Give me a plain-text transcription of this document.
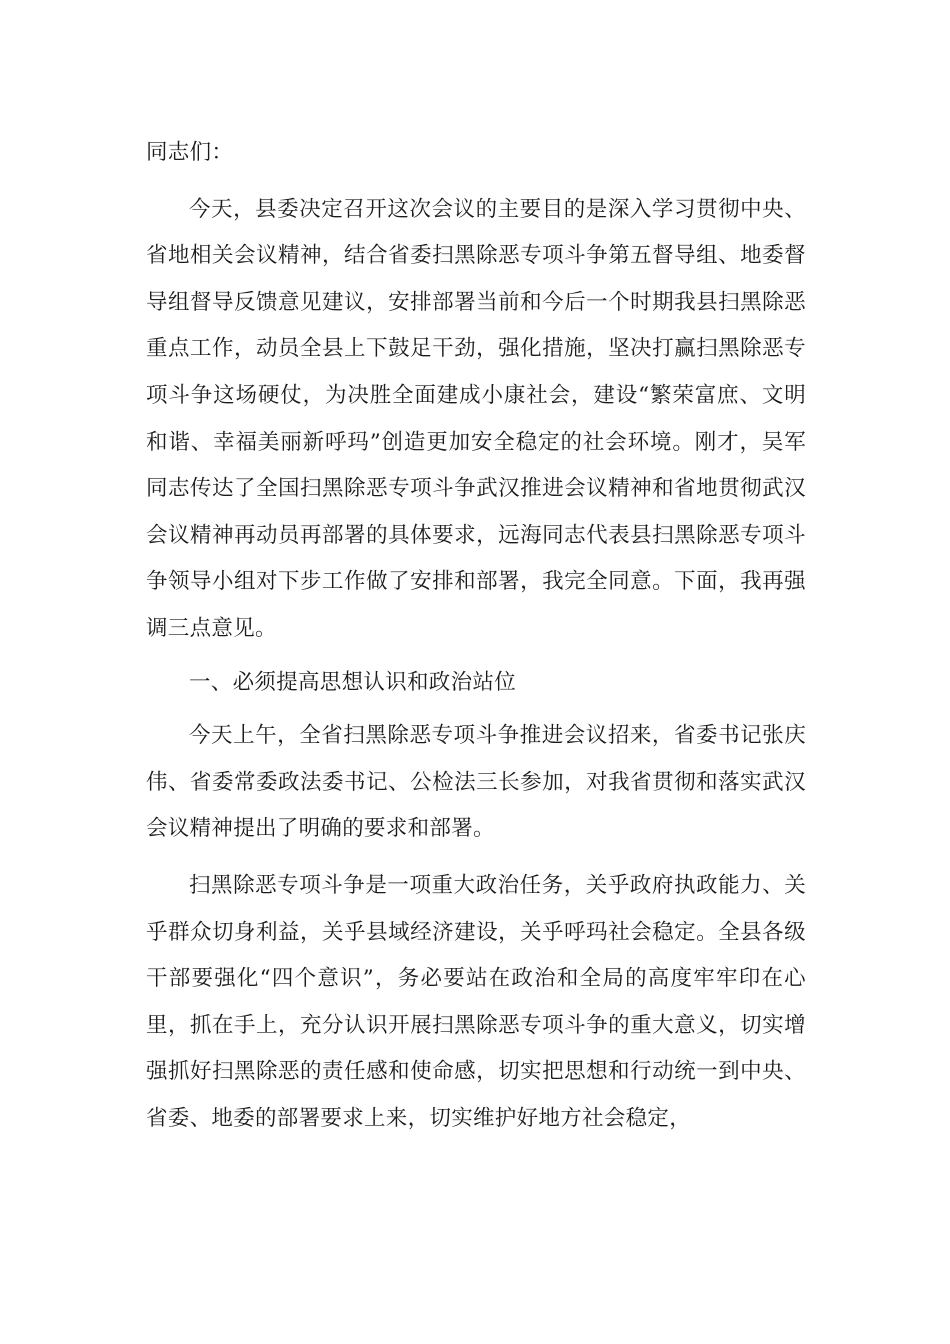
同志们：

今天，县委决定召开这次会议的主要目的是深入学习贯彻中央、省地相关会议精神，结合省委扫黑除恶专项斗争第五督导组、地委督导组督导反馈意见建议，安排部署当前和今后一个时期我县扫黑除恶重点工作，动员全县上下鼓足干劲，强化措施，坚决打赢扫黑除恶专项斗争这场硬仗，为决胜全面建成小康社会，建设“繁荣富庶、文明和谐、幸福美丽新呼玛”创造更加安全稳定的社会环境。刚才，吴军同志传达了全国扫黑除恶专项斗争武汉推进会议精神和省地贯彻武汉会议精神再动员再部署的具体要求，远海同志代表县扫黑除恶专项斗争领导小组对下步工作做了安排和部署，我完全同意。下面，我再强调三点意见。

一、必须提高思想认识和政治站位

今天上午，全省扫黑除恶专项斗争推进会议招来，省委书记张庆伟、省委常委政法委书记、公检法三长参加，对我省贯彻和落实武汉会议精神提出了明确的要求和部署。

扫黑除恶专项斗争是一项重大政治任务，关乎政府执政能力、关乎群众切身利益，关乎县域经济建设，关乎呼玛社会稳定。全县各级干部要强化“四个意识”，务必要站在政治和全局的高度牢牢印在心里，抓在手上，充分认识开展扫黑除恶专项斗争的重大意义，切实增强抓好扫黑除恶的责任感和使命感，切实把思想和行动统一到中央、省委、地委的部署要求上来，切实维护好地方社会稳定，
